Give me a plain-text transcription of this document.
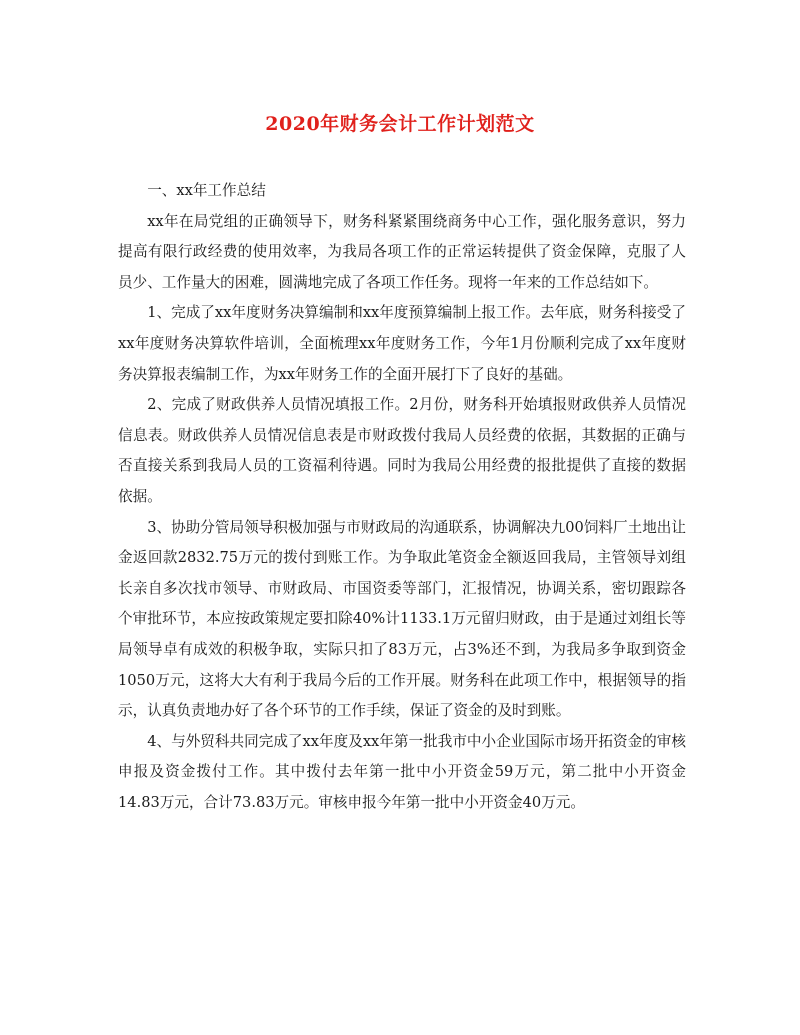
2020年财务会计工作计划范文

一、xx年工作总结

xx年在局党组的正确领导下，财务科紧紧围绕商务中心工作，强化服务意识，努力提高有限行政经费的使用效率，为我局各项工作的正常运转提供了资金保障，克服了人员少、工作量大的困难，圆满地完成了各项工作任务。现将一年来的工作总结如下。

1、完成了xx年度财务决算编制和xx年度预算编制上报工作。去年底，财务科接受了xx年度财务决算软件培训，全面梳理xx年度财务工作，今年1月份顺利完成了xx年度财务决算报表编制工作，为xx年财务工作的全面开展打下了良好的基础。

2、完成了财政供养人员情况填报工作。2月份，财务科开始填报财政供养人员情况信息表。财政供养人员情况信息表是市财政拨付我局人员经费的依据，其数据的正确与否直接关系到我局人员的工资福利待遇。同时为我局公用经费的报批提供了直接的数据依据。

3、协助分管局领导积极加强与市财政局的沟通联系，协调解决九00饲料厂土地出让金返回款2832.75万元的拨付到账工作。为争取此笔资金全额返回我局，主管领导刘组长亲自多次找市领导、市财政局、市国资委等部门，汇报情况，协调关系，密切跟踪各个审批环节，本应按政策规定要扣除40%计1133.1万元留归财政，由于是通过刘组长等局领导卓有成效的积极争取，实际只扣了83万元，占3%还不到，为我局多争取到资金1050万元，这将大大有利于我局今后的工作开展。财务科在此项工作中，根据领导的指示，认真负责地办好了各个环节的工作手续，保证了资金的及时到账。

4、与外贸科共同完成了xx年度及xx年第一批我市中小企业国际市场开拓资金的审核申报及资金拨付工作。其中拨付去年第一批中小开资金59万元，第二批中小开资金14.83万元，合计73.83万元。审核申报今年第一批中小开资金40万元。
